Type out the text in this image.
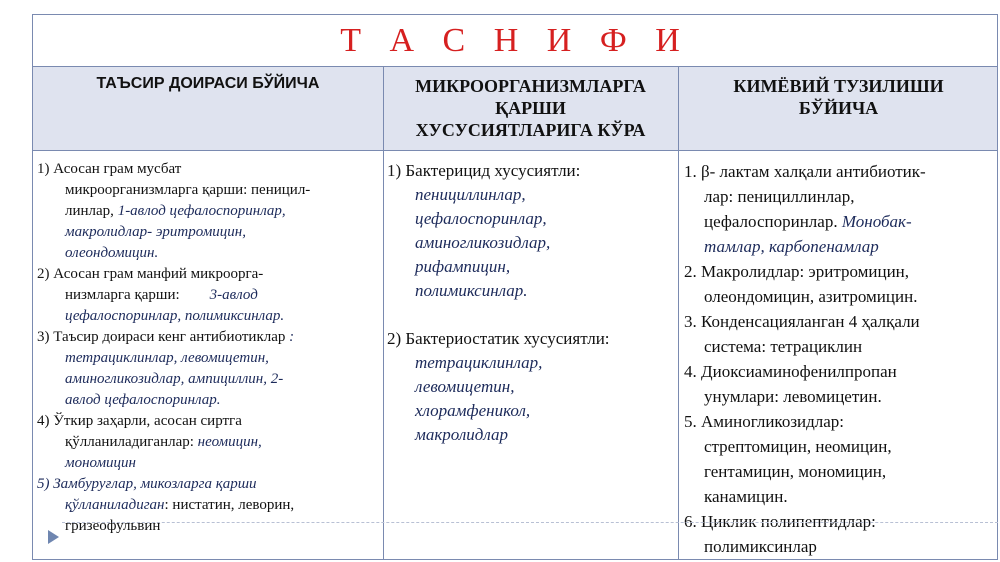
Т А С Н И Ф И
ТАЪСИР ДОИРАСИ БЎЙИЧА	МИКРООРГАНИЗМЛАРГА
ҚАРШИ
ХУСУСИЯТЛАРИГА КЎРА
КИМЁВИЙ ТУЗИЛИШИ
БЎЙИЧА
1) Асосан грам мусбат
микроорганизмларга қарши: пеницил-
линлар, 1-авлод цефалоспоринлар,
макролидлар- эритромицин,
олеондомицин.
2) Асосан грам манфий микроорга-
низмларга қарши: 3-авлод
цефалоспоринлар, полимиксинлар.
3) Таъсир доираси кенг антибиотиклар :
тетрациклинлар, левомицетин,
аминогликозидлар, ампициллин, 2-
авлод цефалоспоринлар.
4) Ўткир заҳарли, асосан сиртга
қўлланиладиганлар: неомицин,
мономицин
5) Замбуруғлар, микозларга қарши
қўлланиладиган: нистатин, леворин,
гризеофульвин
1) Бактерицид хусусиятли:
пенициллинлар,
цефалоспоринлар,
аминогликозидлар,
рифампицин,
полимиксинлар.
2) Бактериостатик хусусиятли:
тетрациклинлар,
левомицетин,
хлорамфеникол,
макролидлар
1. β- лактам халқали антибиотик-
лар: пенициллинлар,
цефалоспоринлар. Монобак-
тамлар, карбопенамлар
2. Макролидлар: эритромицин,
олеондомицин, азитромицин.
3. Конденсацияланган 4 ҳалқали
система: тетрациклин
4. Диоксиаминофенилпропан
унумлари: левомицетин.
5. Аминогликозидлар:
стрептомицин, неомицин,
гентамицин, мономицин,
канамицин.
6. Циклик полипептидлар:
полимиксинлар
